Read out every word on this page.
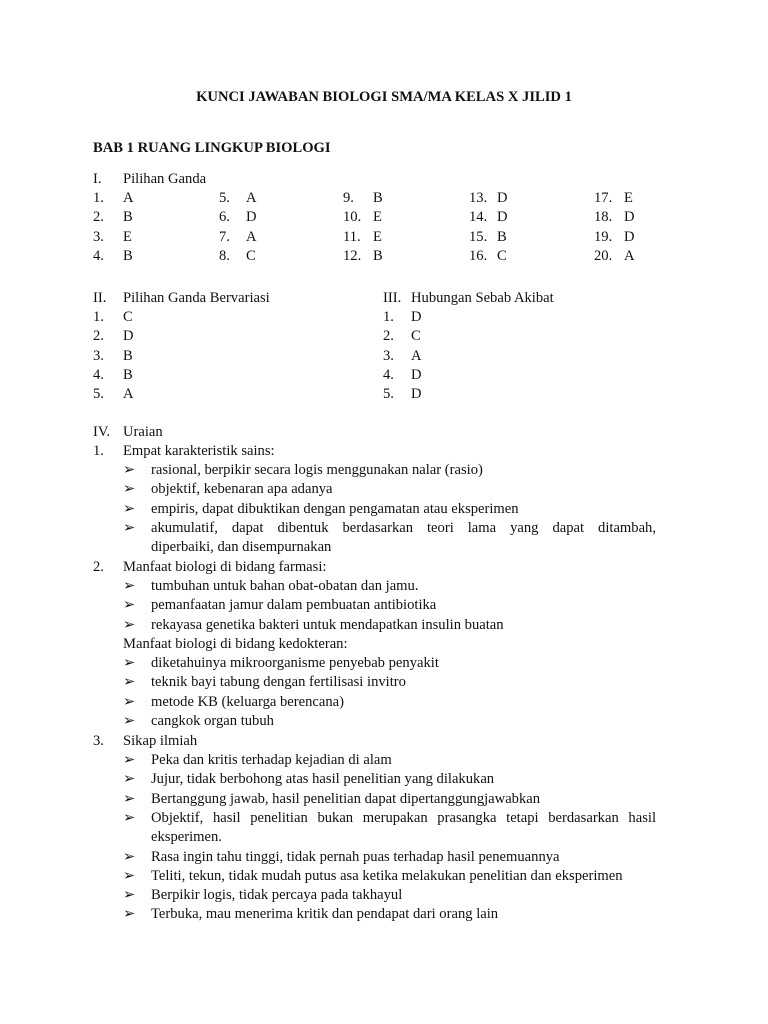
KUNCI JAWABAN BIOLOGI SMA/MA KELAS X JILID 1
BAB 1 RUANG LINGKUP BIOLOGI
I. Pilihan Ganda
1. A
2. B
3. E
4. B
5. A
6. D
7. A
8. C
9. B
10. E
11. E
12. B
13. D
14. D
15. B
16. C
17. E
18. D
19. D
20. A
II. Pilihan Ganda Bervariasi
1. C
2. D
3. B
4. B
5. A
III. Hubungan Sebab Akibat
1. D
2. C
3. A
4. D
5. D
IV. Uraian
1. Empat karakteristik sains:
➢ rasional, berpikir secara logis menggunakan nalar (rasio)
➢ objektif, kebenaran apa adanya
➢ empiris, dapat dibuktikan dengan pengamatan atau eksperimen
➢ akumulatif, dapat dibentuk berdasarkan teori lama yang dapat ditambah,
diperbaiki, dan disempurnakan
2. Manfaat biologi di bidang farmasi:
➢ tumbuhan untuk bahan obat-obatan dan jamu.
➢ pemanfaatan jamur dalam pembuatan antibiotika
➢ rekayasa genetika bakteri untuk mendapatkan insulin buatan
Manfaat biologi di bidang kedokteran:
➢ diketahuinya mikroorganisme penyebab penyakit
➢ teknik bayi tabung dengan fertilisasi invitro
➢ metode KB (keluarga berencana)
➢ cangkok organ tubuh
3. Sikap ilmiah
➢ Peka dan kritis terhadap kejadian di alam
➢ Jujur, tidak berbohong atas hasil penelitian yang dilakukan
➢ Bertanggung jawab, hasil penelitian dapat dipertanggungjawabkan
➢ Objektif, hasil penelitian bukan merupakan prasangka tetapi berdasarkan hasil
eksperimen.
➢ Rasa ingin tahu tinggi, tidak pernah puas terhadap hasil penemuannya
➢ Teliti, tekun, tidak mudah putus asa ketika melakukan penelitian dan eksperimen
➢ Berpikir logis, tidak percaya pada takhayul
➢ Terbuka, mau menerima kritik dan pendapat dari orang lain
